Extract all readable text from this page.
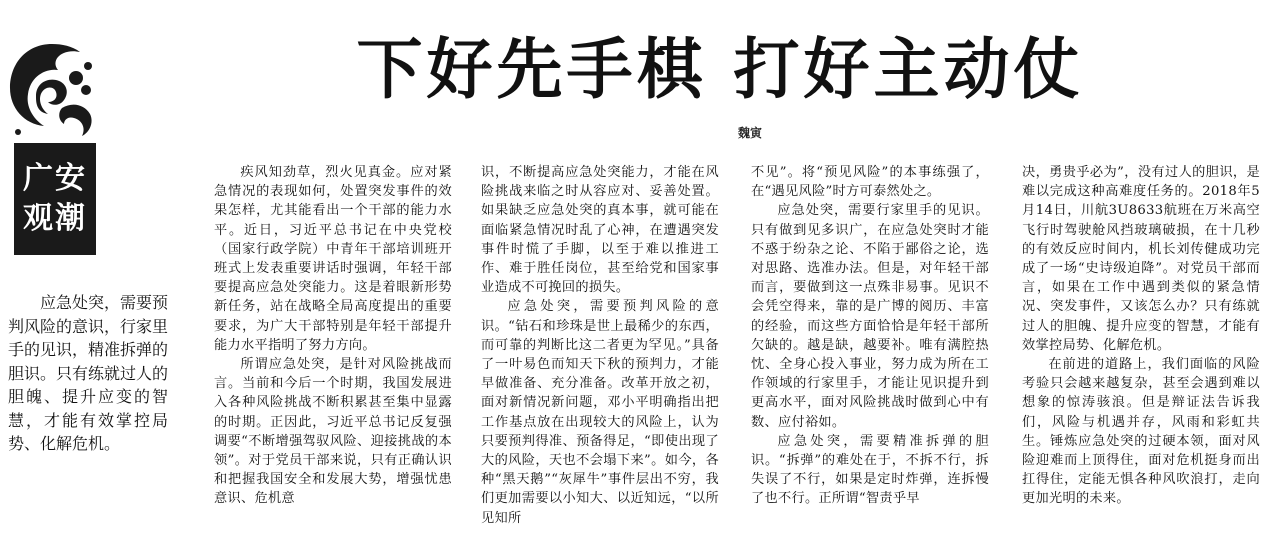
广安
观潮
应急处突，需要预判风险的意识，行家里手的见识，精准拆弹的胆识。只有练就过人的胆魄、提升应变的智慧，才能有效掌控局势、化解危机。
下好先手棋 打好主动仗
魏寅

疾风知劲草，烈火见真金。应对紧急情况的表现如何，处置突发事件的效果怎样，尤其能看出一个干部的能力水平。近日，习近平总书记在中央党校（国家行政学院）中青年干部培训班开班式上发表重要讲话时强调，年轻干部要提高应急处突能力。这是着眼新形势新任务，站在战略全局高度提出的重要要求，为广大干部特别是年轻干部提升能力水平指明了努力方向。

所谓应急处突，是针对风险挑战而言。当前和今后一个时期，我国发展进入各种风险挑战不断积累甚至集中显露的时期。正因此，习近平总书记反复强调要“不断增强驾驭风险、迎接挑战的本领”。对于党员干部来说，只有正确认识和把握我国安全和发展大势，增强忧患意识、危机意

识，不断提高应急处突能力，才能在风险挑战来临之时从容应对、妥善处置。如果缺乏应急处突的真本事，就可能在面临紧急情况时乱了心神，在遭遇突发事件时慌了手脚，以至于难以推进工作、难于胜任岗位，甚至给党和国家事业造成不可挽回的损失。

应急处突，需要预判风险的意识。“钻石和珍珠是世上最稀少的东西，而可靠的判断比这二者更为罕见。”具备了一叶易色而知天下秋的预判力，才能早做准备、充分准备。改革开放之初，面对新情况新问题，邓小平明确指出把工作基点放在出现较大的风险上，认为只要预判得准、预备得足，“即使出现了大的风险，天也不会塌下来”。如今，各种“黑天鹅”“灰犀牛”事件层出不穷，我们更加需要以小知大、以近知远，“以所见知所

不见”。将“预见风险”的本事练强了，在“遇见风险”时方可泰然处之。

应急处突，需要行家里手的见识。只有做到见多识广，在应急处突时才能不惑于纷杂之论、不陷于鄙俗之论，选对思路、选准办法。但是，对年轻干部而言，要做到这一点殊非易事。见识不会凭空得来，靠的是广博的阅历、丰富的经验，而这些方面恰恰是年轻干部所欠缺的。越是缺，越要补。唯有满腔热忱、全身心投入事业，努力成为所在工作领域的行家里手，才能让见识提升到更高水平，面对风险挑战时做到心中有数、应付裕如。

应急处突，需要精准拆弹的胆识。“拆弹”的难处在于，不拆不行，拆失误了不行，如果是定时炸弹，连拆慢了也不行。正所谓“智责乎早

决，勇贵乎必为”，没有过人的胆识，是难以完成这种高难度任务的。2018年5月14日，川航3U8633航班在万米高空飞行时驾驶舱风挡玻璃破损，在十几秒的有效反应时间内，机长刘传健成功完成了一场“史诗级迫降”。对党员干部而言，如果在工作中遇到类似的紧急情况、突发事件，又该怎么办？只有练就过人的胆魄、提升应变的智慧，才能有效掌控局势、化解危机。

在前进的道路上，我们面临的风险考验只会越来越复杂，甚至会遇到难以想象的惊涛骇浪。但是辩证法告诉我们，风险与机遇并存，风雨和彩虹共生。锤炼应急处突的过硬本领，面对风险迎难而上顶得住，面对危机挺身而出扛得住，定能无惧各种风吹浪打，走向更加光明的未来。
